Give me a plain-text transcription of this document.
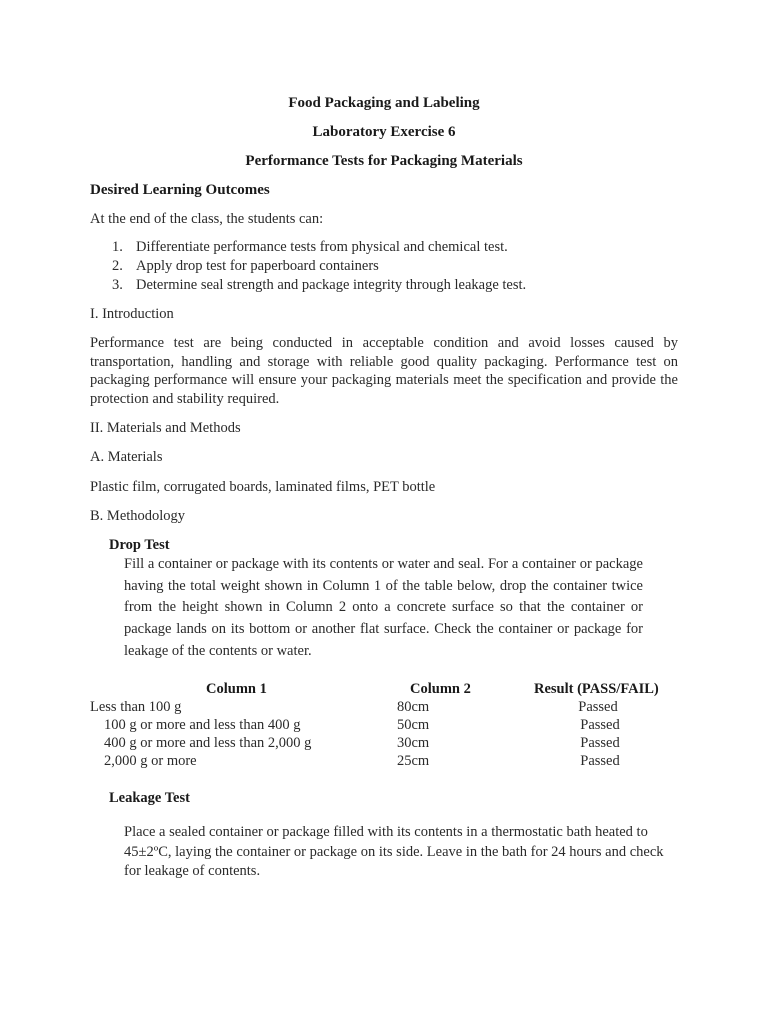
Food Packaging and Labeling
Laboratory Exercise 6
Performance Tests for Packaging Materials
Desired Learning Outcomes
At the end of the class, the students can:
1. Differentiate performance tests from physical and chemical test.
2. Apply drop test for paperboard containers
3. Determine seal strength and package integrity through leakage test.
I. Introduction
Performance test are being conducted in acceptable condition and avoid losses caused by transportation, handling and storage with reliable good quality packaging. Performance test on packaging performance will ensure your packaging materials meet the specification and provide the protection and stability required.
II. Materials and Methods
A. Materials
Plastic film, corrugated boards, laminated films, PET bottle
B. Methodology
Drop Test
Fill a container or package with its contents or water and seal. For a container or package having the total weight shown in Column 1 of the table below, drop the container twice from the height shown in Column 2 onto a concrete surface so that the container or package lands on its bottom or another flat surface. Check the container or package for leakage of the contents or water.
Column 1	Column 2	Result (PASS/FAIL)
Less than 100 g	80cm	Passed
100 g or more and less than 400 g	50cm	Passed
400 g or more and less than 2,000 g	30cm	Passed
2,000 g or more	25cm	Passed
Leakage Test
Place a sealed container or package filled with its contents in a thermostatic bath heated to 45±2ºC, laying the container or package on its side. Leave in the bath for 24 hours and check for leakage of contents.
